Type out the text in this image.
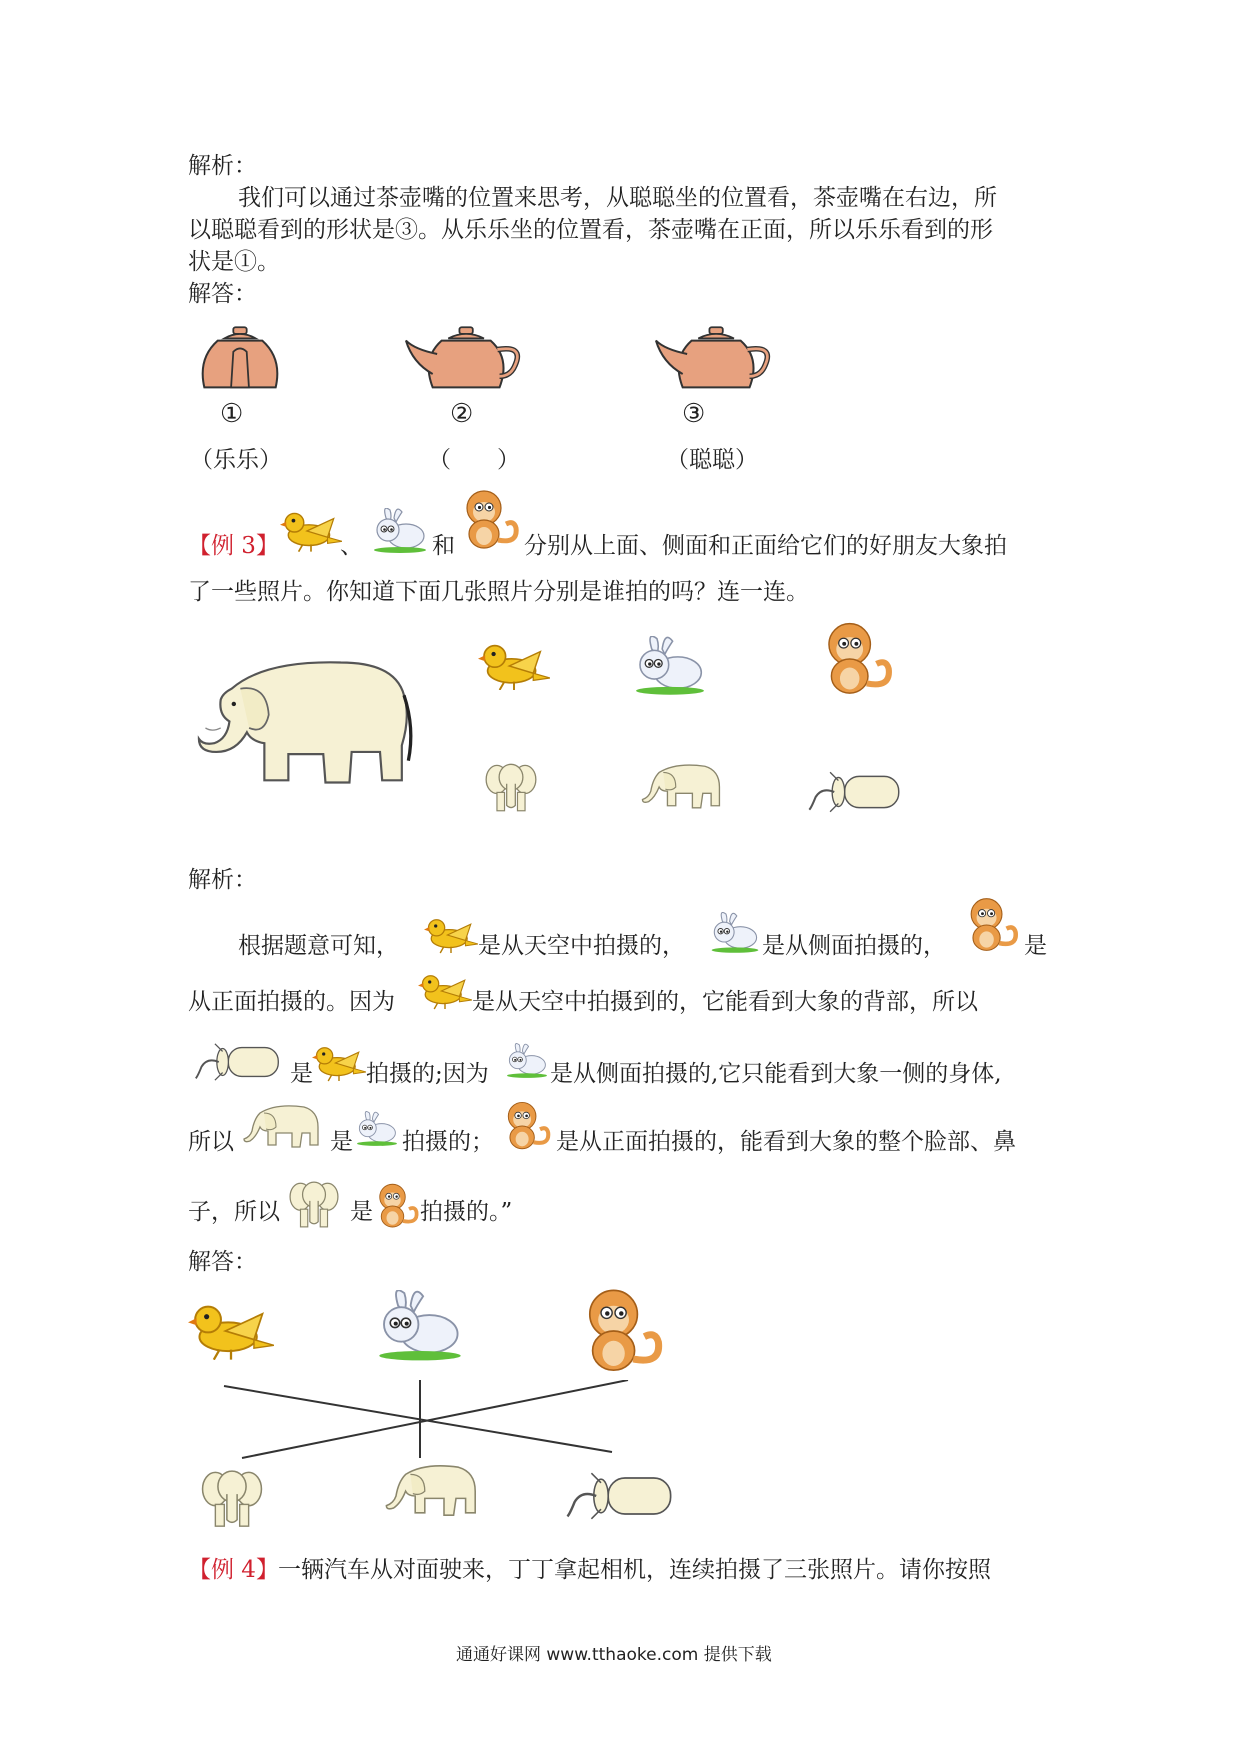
解析：
我们可以通过茶壶嘴的位置来思考，从聪聪坐的位置看，茶壶嘴在右边，所
以聪聪看到的形状是③。从乐乐坐的位置看，茶壶嘴在正面，所以乐乐看到的形
状是①。
解答：
①	②	③
（乐乐）	（　　）	（聪聪）
【例 3】	、	和	分别从上面、侧面和正面给它们的好朋友大象拍
了一些照片。你知道下面几张照片分别是谁拍的吗？连一连。
解析：
根据题意可知，	是从天空中拍摄的，	是从侧面拍摄的，	是
从正面拍摄的。因为	是从天空中拍摄到的，它能看到大象的背部，所以
是 拍摄的;因为	是从侧面拍摄的,它只能看到大象一侧的身体,
所以	是 拍摄的；	是从正面拍摄的，能看到大象的整个脸部、鼻
子，所以	是 拍摄的。”
解答：
【例 4】 一辆汽车从对面驶来，丁丁拿起相机，连续拍摄了三张照片。请你按照
通通好课网 www.tthaoke.com 提供下载
